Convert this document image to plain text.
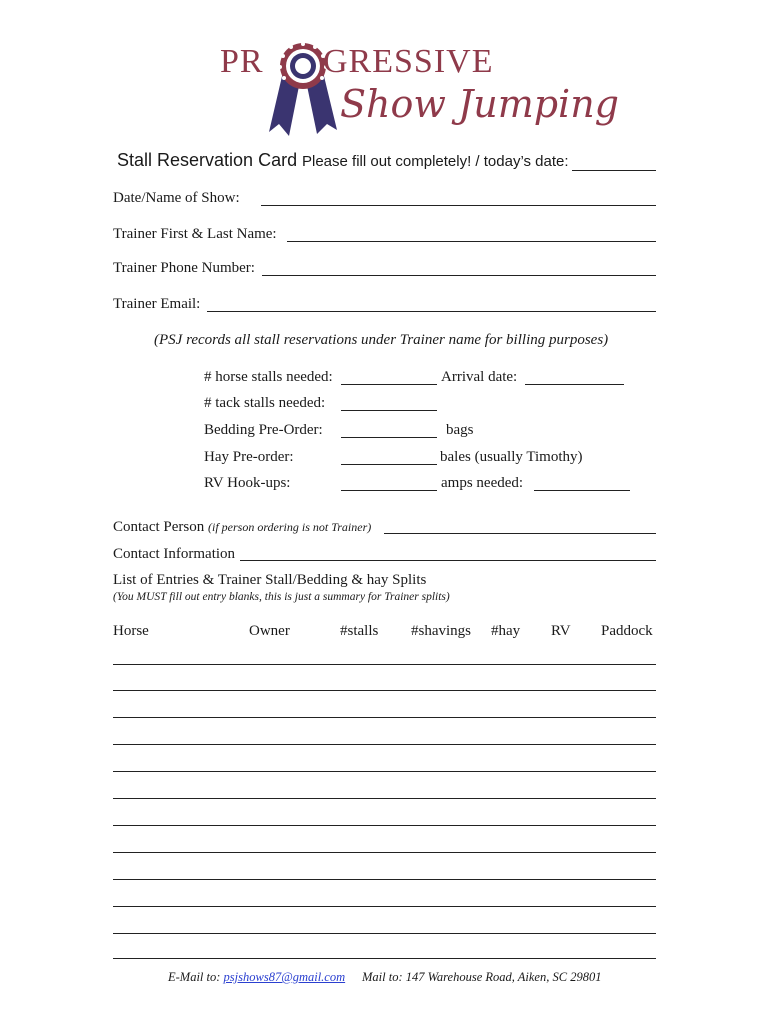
PR GRESSIVE
Show Jumping
Stall Reservation Card Please fill out completely! / today’s date:
Date/Name of Show:
Trainer First & Last Name:
Trainer Phone Number:
Trainer Email:
(PSJ records all stall reservations under Trainer name for billing purposes)
# horse stalls needed:	Arrival date:
# tack stalls needed:
Bedding Pre-Order:	bags
Hay Pre-order:	bales (usually Timothy)
RV Hook-ups:	amps needed:
Contact Person (if person ordering is not Trainer)
Contact Information
List of Entries & Trainer Stall/Bedding & hay Splits
(You MUST fill out entry blanks, this is just a summary for Trainer splits)
Horse	Owner	#stalls #shavings #hay RV Paddock
E-Mail to: psjshows87@gmail.com Mail to: 147 Warehouse Road, Aiken, SC 29801
